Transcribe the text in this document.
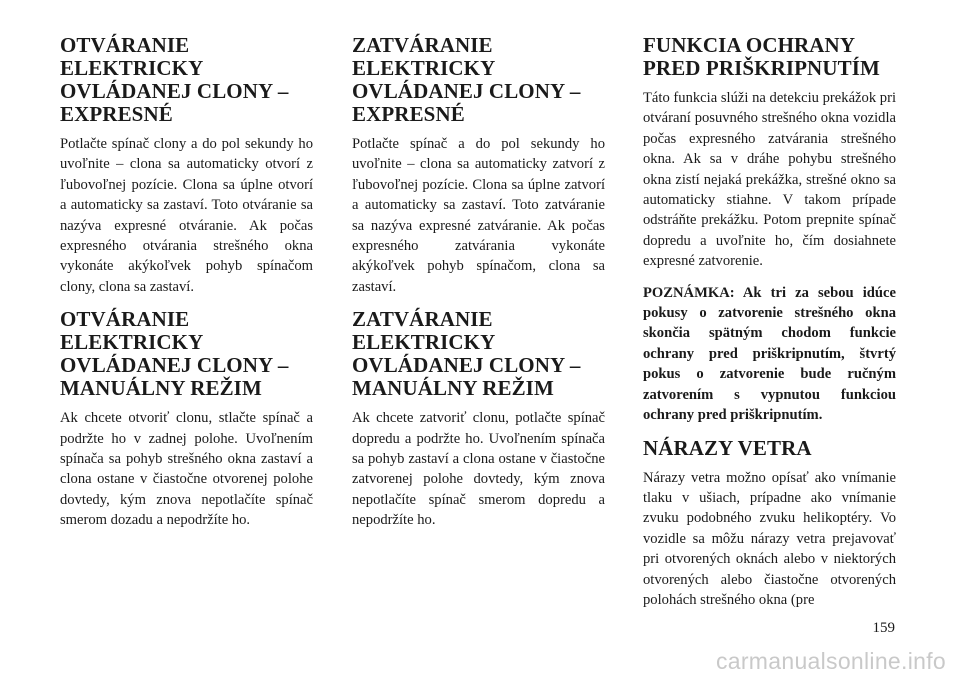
OTVÁRANIE
ELEKTRICKY
OVLÁDANEJ CLONY –
EXPRESNÉ

Potlačte spínač clony a do pol sekundy ho uvoľnite – clona sa automaticky otvorí z ľubovoľnej pozície. Clona sa úplne otvorí a automaticky sa zastaví. Toto otváranie sa nazýva expresné otváranie. Ak počas expresného otvárania strešného okna vykonáte akýkoľvek pohyb spínačom clony, clona sa zastaví.

OTVÁRANIE
ELEKTRICKY
OVLÁDANEJ CLONY –
MANUÁLNY REŽIM

Ak chcete otvoriť clonu, stlačte spínač a podržte ho v zadnej polohe. Uvoľnením spínača sa pohyb strešného okna zastaví a clona ostane v čiastočne otvorenej polohe dovtedy, kým znova nepotlačíte spínač smerom dozadu a nepodržíte ho.

ZATVÁRANIE
ELEKTRICKY
OVLÁDANEJ CLONY –
EXPRESNÉ

Potlačte spínač a do pol sekundy ho uvoľnite – clona sa automaticky zatvorí z ľubovoľnej pozície. Clona sa úplne zatvorí a automaticky sa zastaví. Toto zatváranie sa nazýva expresné zatváranie. Ak počas expresného zatvárania vykonáte akýkoľvek pohyb spínačom, clona sa zastaví.

ZATVÁRANIE
ELEKTRICKY
OVLÁDANEJ CLONY –
MANUÁLNY REŽIM

Ak chcete zatvoriť clonu, potlačte spínač dopredu a podržte ho. Uvoľnením spínača sa pohyb zastaví a clona ostane v čiastočne zatvorenej polohe dovtedy, kým znova nepotlačíte spínač smerom dopredu a nepodržíte ho.

FUNKCIA OCHRANY
PRED PRIŠKRIPNUTÍM

Táto funkcia slúži na detekciu prekážok pri otváraní posuvného strešného okna vozidla počas expresného zatvárania strešného okna. Ak sa v dráhe pohybu strešného okna zistí nejaká prekážka, strešné okno sa automaticky stiahne. V takom prípade odstráňte prekážku. Potom prepnite spínač dopredu a uvoľnite ho, čím dosiahnete expresné zatvorenie.

POZNÁMKA: Ak tri za sebou idúce pokusy o zatvorenie strešného okna skončia spätným chodom funkcie ochrany pred priškripnutím, štvrtý pokus o zatvorenie bude ručným zatvorením s vypnutou funkciou ochrany pred priškripnutím.

NÁRAZY VETRA

Nárazy vetra možno opísať ako vnímanie tlaku v ušiach, prípadne ako vnímanie zvuku podobného zvuku helikoptéry. Vo vozidle sa môžu nárazy vetra prejavovať pri otvorených oknách alebo v niektorých otvorených alebo čiastočne otvorených polohách strešného okna (pre

159
carmanualsonline.info
